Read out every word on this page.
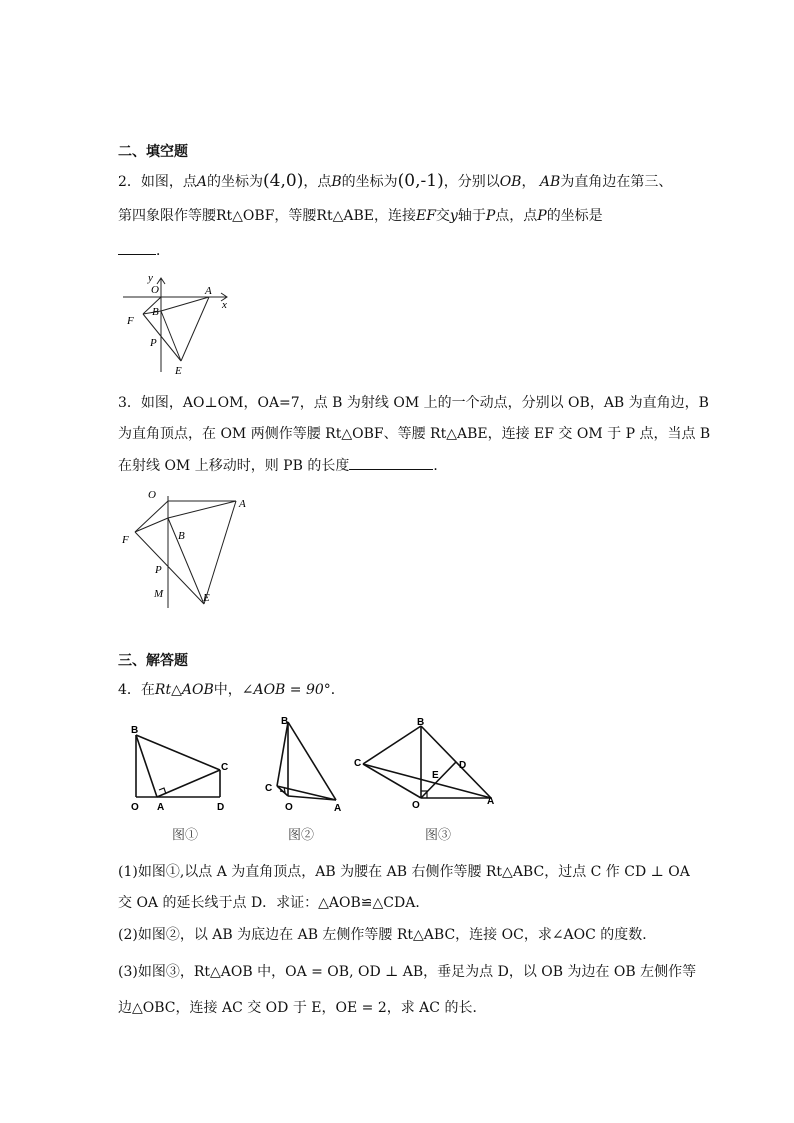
二、填空题
2．如图，点A的坐标为(4,0)，点B的坐标为(0,-1)，分别以OB， AB为直角边在第三、
第四象限作等腰Rt△OBF，等腰Rt△ABE，连接EF交y轴于P点，点P的坐标是
．
y
O	A
x
B
F
P
E
3．如图，AO⊥OM，OA=7，点 B 为射线 OM 上的一个动点，分别以 OB，AB 为直角边，B
为直角顶点，在 OM 两侧作等腰 Rt△OBF、等腰 Rt△ABE，连接 EF 交 OM 于 P 点，当点 B
在射线 OM 上移动时，则 PB 的长度	．
O
A
F	B
P
M	E
三、解答题
4．在Rt△AOB中，∠AOB = 90°．
B
C
O A	D
图①
B
C
O	A
图②
B
C
E
D
O	A
图③
(1)如图①,以点 A 为直角顶点，AB 为腰在 AB 右侧作等腰 Rt△ABC，过点 C 作 CD ⊥ OA
交 OA 的延长线于点 D．求证：△AOB≌△CDA．
(2)如图②，以 AB 为底边在 AB 左侧作等腰 Rt△ABC，连接 OC，求∠AOC 的度数．
(3)如图③，Rt△AOB 中，OA = OB, OD ⊥ AB，垂足为点 D，以 OB 为边在 OB 左侧作等
边△OBC，连接 AC 交 OD 于 E，OE = 2，求 AC 的长．
